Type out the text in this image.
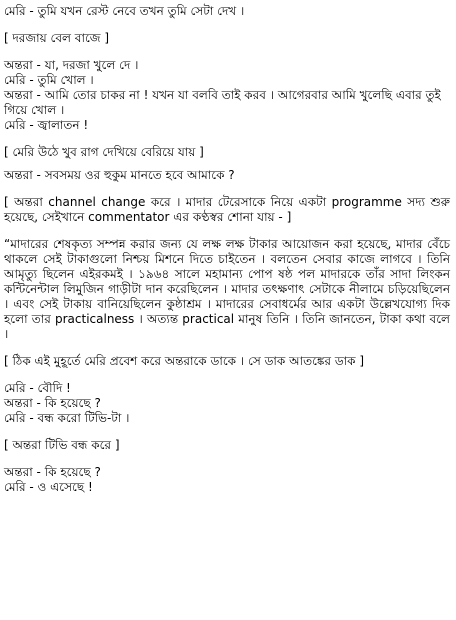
মেরি - তুমি যখন রেস্ট নেবে তখন তুমি সেটা দেখ ।
[ দরজায় বেল বাজে ]
অন্তরা - যা, দরজা খুলে দে ।
মেরি - তুমি খোল ।
অন্তরা - আমি তোর চাকর না ! যখন যা বলবি তাই করব । আগেরবার আমি খুলেছি এবার তুই গিয়ে খোল ।
মেরি - জ্বালাতন !
[ মেরি উঠে খুব রাগ দেখিয়ে বেরিয়ে যায় ]
অন্তরা - সবসময় ওর হুকুম মানতে হবে আমাকে ?
[ অন্তরা channel change করে । মাদার টেরেসাকে নিয়ে একটা programme সদ্য শুরু হয়েছে, সেইখানে commentator এর কণ্ঠস্বর শোনা যায় - ]
“মাদারের শেষকৃত্য সম্পন্ন করার জন্য যে লক্ষ লক্ষ টাকার আয়োজন করা হয়েছে, মাদার বেঁচে থাকলে সেই টাকাগুলো নিশ্চয় মিশনে দিতে চাইতেন । বলতেন সেবার কাজে লাগবে । তিনি আমৃত্যু ছিলেন এইরকমই । ১৯৬৪ সালে মহামান্য পোপ ষষ্ঠ পল মাদারকে তাঁর সাদা লিংকন কন্টিনেন্টাল লিমুজিন গাড়ীটা দান করেছিলেন । মাদার তৎক্ষণাৎ সেটাকে নীলামে চড়িয়েছিলেন । এবং সেই টাকায় বানিয়েছিলেন কুষ্ঠাশ্রম । মাদারের সেবাধর্মের আর একটা উল্লেখযোগ্য দিক হলো তার practicalness । অত্যন্ত practical মানুষ তিনি । তিনি জানতেন, টাকা কথা বলে ।
[ ঠিক এই মুহূর্তে মেরি প্রবেশ করে অন্তরাকে ডাকে । সে ডাক আতঙ্কের ডাক ]
মেরি - বৌদি !
অন্তরা - কি হয়েছে ?
মেরি - বন্ধ করো টিভি-টা ।
[ অন্তরা টিভি বন্ধ করে ]
অন্তরা - কি হয়েছে ?
মেরি - ও এসেছে !
